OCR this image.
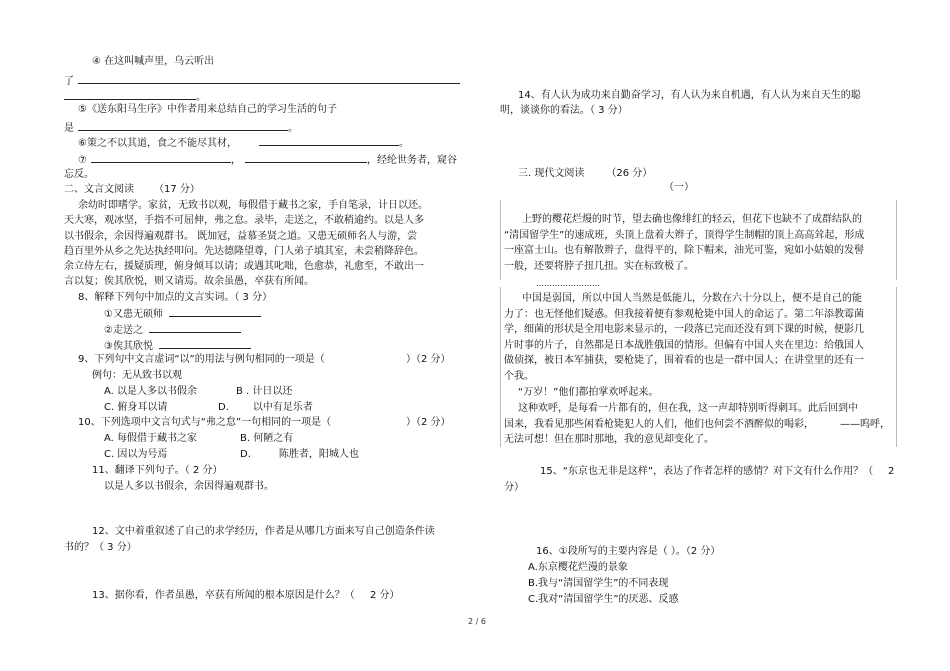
④ 在这叫喊声里，乌云听出
了
。
⑤《送东阳马生序》中作者用来总结自己的学习生活的句子
是	。
⑥策之不以其道，食之不能尽其材，	。
⑦	，	，经纶世务者，窥谷
忘反。
二、文言文阅读 （17 分）
余幼时即嗜学。家贫，无致书以观，每假借于藏书之家，手自笔录，计日以还。
天大寒，观冰坚，手指不可屈伸，弗之怠。录毕，走送之，不敢稍逾约。以是人多
以书假余，余因得遍观群书。 既加冠，益慕圣贤之道。又患无硕师名人与游，尝
趋百里外从乡之先达执经叩问。先达德隆望尊，门人弟子填其室，未尝稍降辞色。
余立侍左右，援疑质理，俯身倾耳以请；或遇其叱咄，色愈恭，礼愈至，不敢出一
言以复；俟其欣悦，则又请焉。故余虽愚，卒获有所闻。
8、解释下列句中加点的文言实词。（ 3 分）
①又患无硕师
②走送之
③俟其欣悦
9、下列句中文言虚词“以”的用法与例句相同的一项是（	）（2 分）
例句：无从致书以观
A. 以是人多以书假余	B . 计日以还
C. 俯身耳以请	D. 以中有足乐者
10、下列选项中文言句式与“弗之怠”一句相同的一项是（	）（2 分）
A. 每假借于藏书之家	B. 何陋之有
C. 因以为号焉	D.	陈胜者，阳城人也
11、翻译下列句子。（ 2 分）
以是人多以书假余，余因得遍观群书。
12、文中着重叙述了自己的求学经历，作者是从哪几方面来写自己创造条件读
书的？（ 3 分）
13、据你看，作者虽愚，卒获有所闻的根本原因是什么？（ 2 分）
14、有人认为成功来自勤奋学习，有人认为来自机遇，有人认为来自天生的聪
明，谈谈你的看法。（ 3 分）
三. 现代文阅读 （26 分）
（一）
上野的樱花烂熳的时节，望去确也像绯红的轻云，但花下也缺不了成群结队的
“清国留学生”的速成班，头顶上盘着大辫子，顶得学生制帽的顶上高高耸起，形成
一座富士山。也有解散辫子，盘得平的，除下帽来，油光可鉴，宛如小姑娘的发髻
一般，还要将脖子扭几扭。实在标致极了。
……………………
中国是弱国，所以中国人当然是低能儿，分数在六十分以上，便不是自己的能
力了：也无怪他们疑惑。但我接着便有参观枪毙中国人的命运了。第二年添教霉菌
学，细菌的形状是全用电影来显示的，一段落已完而还没有到下课的时候，便影几
片时事的片子，自然都是日本战胜俄国的情形。但偏有中国人夹在里边：给俄国人
做侦探，被日本军捕获，要枪毙了，围着看的也是一群中国人；在讲堂里的还有一
个我。
“万岁！”他们都拍掌欢呼起来。
这种欢呼，是每看一片都有的，但在我，这一声却特别听得刺耳。此后回到中
国来，我看见那些闲看枪毙犯人的人们，他们也何尝不酒醉似的喝彩，	——呜呼，
无法可想！但在那时那地，我的意见却变化了。
15、“东京也无非是这样”，表达了作者怎样的感情？对下文有什么作用？（ 2
分）
16、①段所写的主要内容是（ ）。（2 分）
A.东京樱花烂漫的景象
B.我与“清国留学生”的不同表现
C.我对“清国留学生”的厌恶、反感
2 / 6
